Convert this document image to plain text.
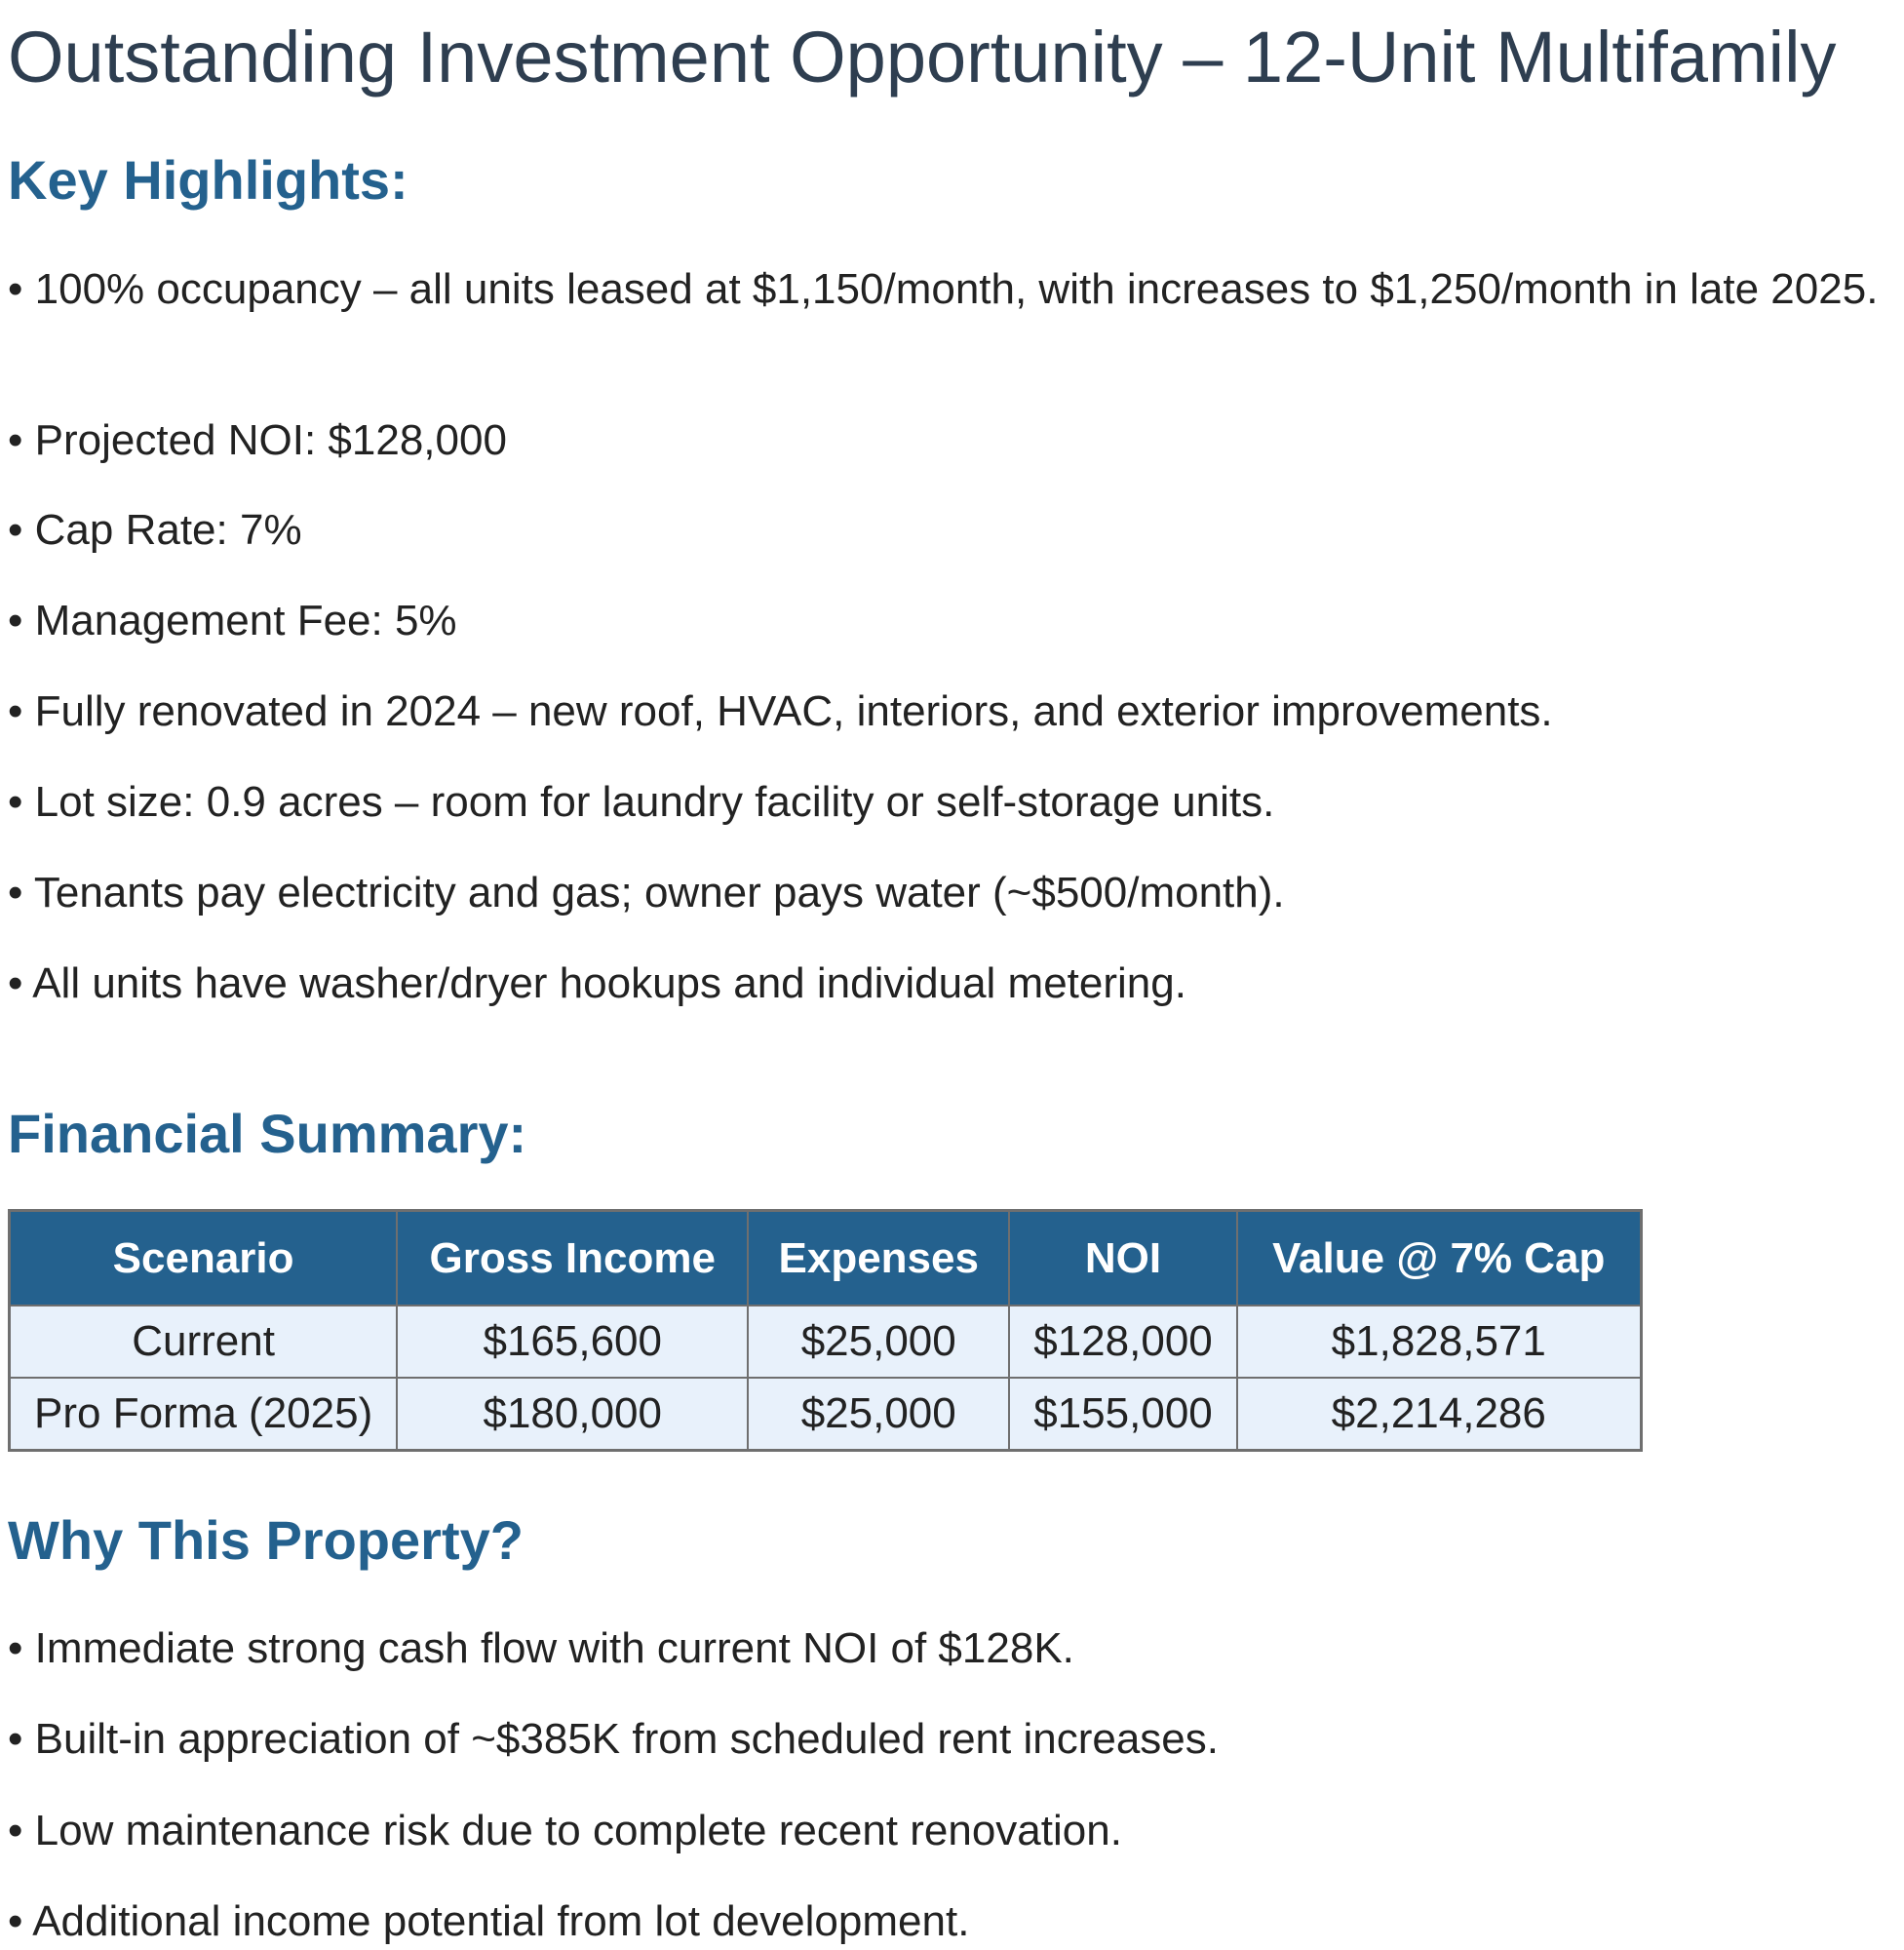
Outstanding Investment Opportunity – 12-Unit Multifamily
Key Highlights:

• 100% occupancy – all units leased at $1,150/month, with increases to $1,250/month in late 2025.

• Projected NOI: $128,000

• Cap Rate: 7%

• Management Fee: 5%

• Fully renovated in 2024 – new roof, HVAC, interiors, and exterior improvements.

• Lot size: 0.9 acres – room for laundry facility or self-storage units.

• Tenants pay electricity and gas; owner pays water (~$500/month).

• All units have washer/dryer hookups and individual metering.

Financial Summary:
Scenario	Gross Income	Expenses	NOI	Value @ 7% Cap
Current	$165,600	$25,000	$128,000	$1,828,571
Pro Forma (2025)	$180,000	$25,000	$155,000	$2,214,286
Why This Property?

• Immediate strong cash flow with current NOI of $128K.

• Built-in appreciation of ~$385K from scheduled rent increases.

• Low maintenance risk due to complete recent renovation.

• Additional income potential from lot development.
